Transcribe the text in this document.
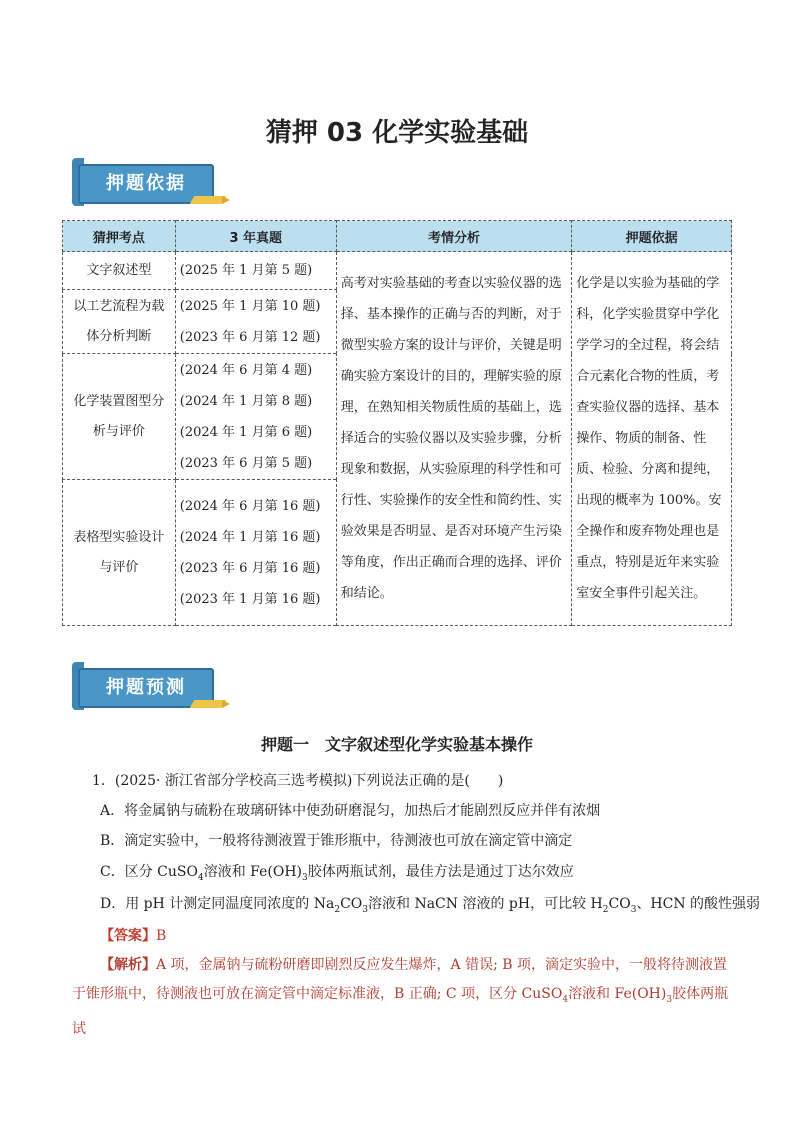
猜押 03 化学实验基础
押题依据
猜押考点	3 年真题	考情分析	押题依据
文字叙述型	(2025 年 1 月第 5 题)	高考对实验基础的考查以实验仪器的选择、基本操作的正确与否的判断，对于微型实验方案的设计与评价，关键是明确实验方案设计的目的，理解实验的原理，在熟知相关物质性质的基础上，选择适合的实验仪器以及实验步骤，分析现象和数据，从实验原理的科学性和可行性、实验操作的安全性和简约性、实验效果是否明显、是否对环境产生污染等角度，作出正确而合理的选择、评价和结论。	化学是以实验为基础的学科，化学实验贯穿中学化学学习的全过程，将会结合元素化合物的性质，考查实验仪器的选择、基本操作、物质的制备、性质、检验、分离和提纯，出现的概率为 100%。安全操作和废弃物处理也是重点，特别是近年来实验室安全事件引起关注。
以工艺流程为载体分析判断	(2025 年 1 月第 10 题)
(2023 年 6 月第 12 题)		

化学装置图型分析与评价	(2024 年 6 月第 4 题)
(2024 年 1 月第 8 题)
(2024 年 1 月第 6 题)
(2023 年 6 月第 5 题)		

表格型实验设计与评价	(2024 年 6 月第 16 题)
(2024 年 1 月第 16 题)
(2023 年 6 月第 16 题)
(2023 年 1 月第 16 题)		
押题预测
押题一　文字叙述型化学实验基本操作
1．(2025· 浙江省部分学校高三选考模拟)下列说法正确的是(　　)
A．将金属钠与硫粉在玻璃研钵中使劲研磨混匀，加热后才能剧烈反应并伴有浓烟
B．滴定实验中，一般将待测液置于锥形瓶中，待测液也可放在滴定管中滴定
C．区分 CuSO$_4$溶液和 $Fe(OH)_3$胶体两瓶试剂，最佳方法是通过丁达尔效应
D．用 pH 计测定同温度同浓度的 $Na_2CO_3$溶液和 NaCN 溶液的 pH，可比较 $H_2CO_3$、HCN 的酸性强弱
【答案】B
【解析】A 项，金属钠与硫粉研磨即剧烈反应发生爆炸，A 错误; B 项，滴定实验中，一般将待测液置
于锥形瓶中，待测液也可放在滴定管中滴定标准液，B 正确; C 项，区分 CuSO$_4$溶液和 $Fe(OH)_3$胶体两瓶试
